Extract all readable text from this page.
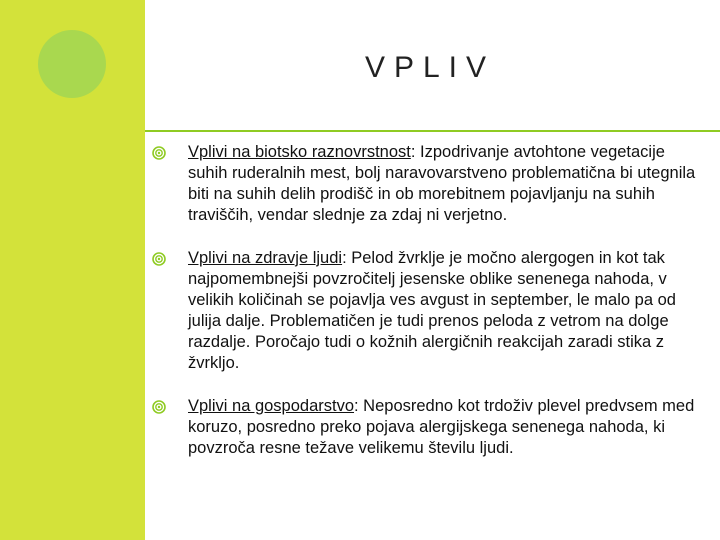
VPLIV
Vplivi na biotsko raznovrstnost: Izpodrivanje avtohtone vegetacije suhih ruderalnih mest, bolj naravovarstveno problematična bi utegnila biti na suhih delih prodišč in ob morebitnem pojavljanju na suhih traviščih, vendar slednje za zdaj ni verjetno.
Vplivi na zdravje ljudi: Pelod žvrklje je močno alergogen in kot tak najpomembnejši povzročitelj jesenske oblike senenega nahoda, v velikih količinah se pojavlja ves avgust in september, le malo pa od julija dalje. Problematičen je tudi prenos peloda z vetrom na dolge razdalje. Poročajo tudi o kožnih alergičnih reakcijah zaradi stika z žvrkljo.
Vplivi na gospodarstvo: Neposredno kot trdoživ plevel predvsem med koruzo, posredno preko pojava alergijskega senenega nahoda, ki povzroča resne težave velikemu številu ljudi.
